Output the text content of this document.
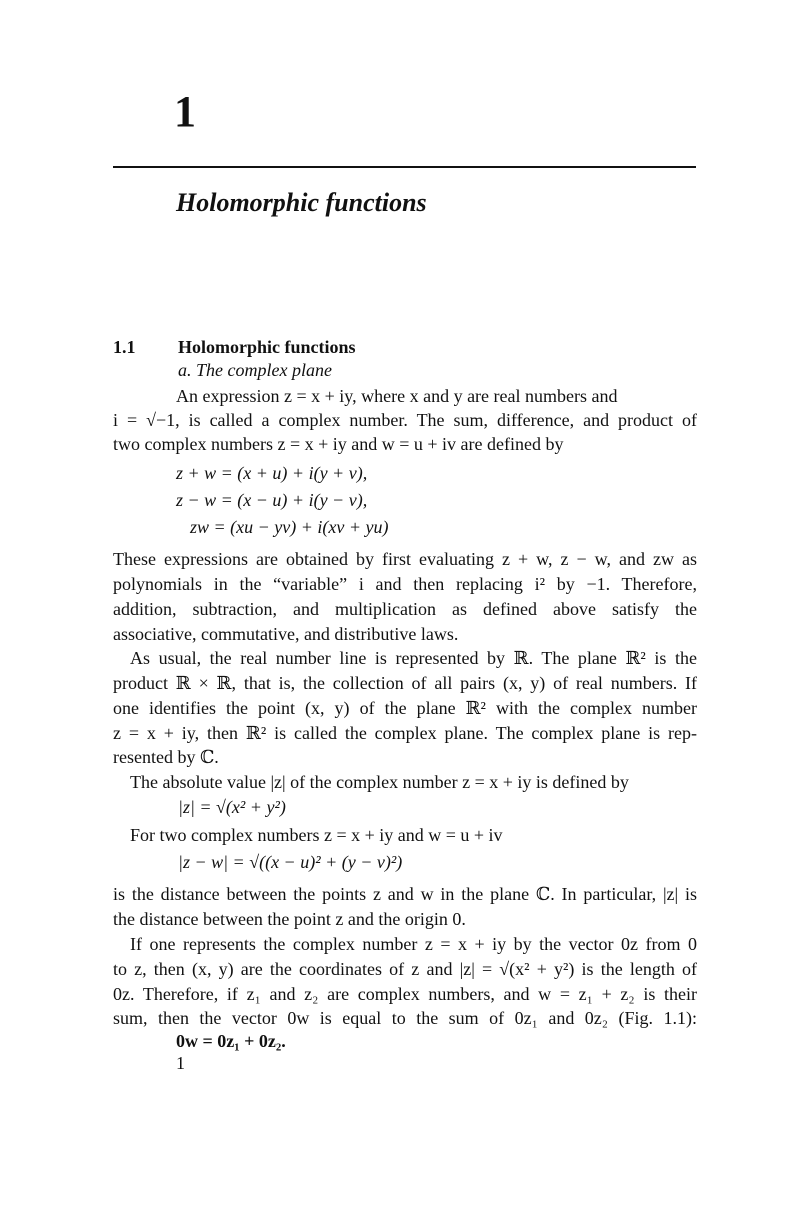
1
Holomorphic functions
1.1 Holomorphic functions
a. The complex plane
An expression z = x + iy, where x and y are real numbers and
i = √−1, is called a complex number. The sum, difference, and product of
two complex numbers z = x + iy and w = u + iv are defined by
z + w = (x + u) + i(y + v),
z − w = (x − u) + i(y − v),
zw = (xu − yv) + i(xv + yu)
These expressions are obtained by first evaluating z + w, z − w, and zw as
polynomials in the “variable” i and then replacing i² by −1. Therefore,
addition, subtraction, and multiplication as defined above satisfy the
associative, commutative, and distributive laws.
As usual, the real number line is represented by ℝ. The plane ℝ² is the
product ℝ × ℝ, that is, the collection of all pairs (x, y) of real numbers. If
one identifies the point (x, y) of the plane ℝ² with the complex number
z = x + iy, then ℝ² is called the complex plane. The complex plane is rep-
resented by ℂ.
The absolute value |z| of the complex number z = x + iy is defined by
|z| = √(x² + y²)
For two complex numbers z = x + iy and w = u + iv
|z − w| = √((x − u)² + (y − v)²)
is the distance between the points z and w in the plane ℂ. In particular, |z| is
the distance between the point z and the origin 0.
If one represents the complex number z = x + iy by the vector 0z from 0
to z, then (x, y) are the coordinates of z and |z| = √(x² + y²) is the length of
0z. Therefore, if z₁ and z₂ are complex numbers, and w = z₁ + z₂ is their
sum, then the vector 0w is equal to the sum of 0z₁ and 0z₂ (Fig. 1.1):
0w = 0z₁ + 0z₂.
1
